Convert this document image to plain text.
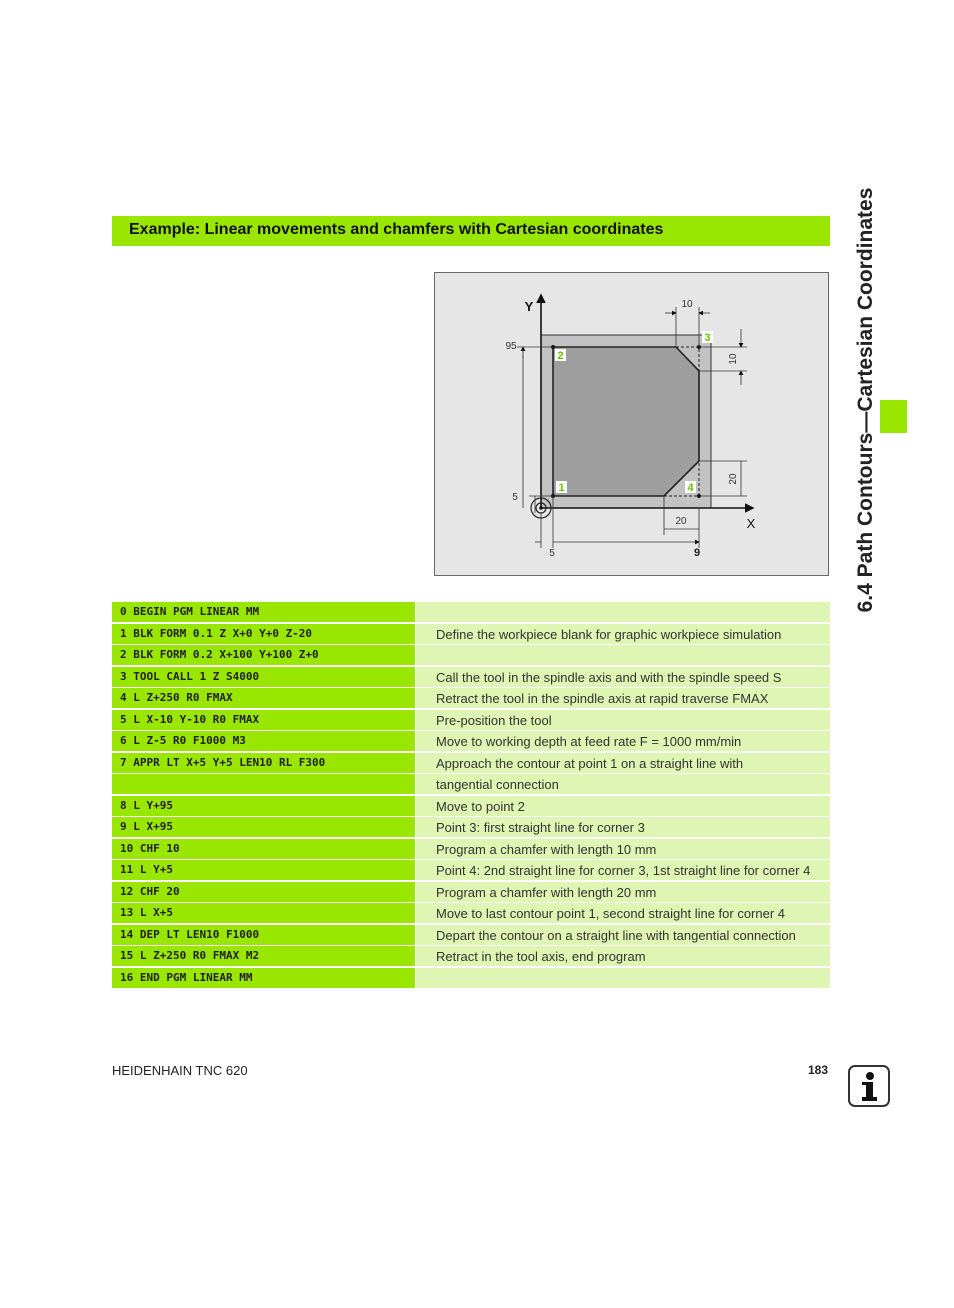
Example: Linear movements and chamfers with Cartesian coordinates	6.4 Path Contours—Cartesian Coordinates
10
10
20
20
5	9
95
5
Y
X
2
3
1	4
0 BEGIN PGM LINEAR MM
1 BLK FORM 0.1 Z X+0 Y+0 Z-20	Define the workpiece blank for graphic workpiece simulation
2 BLK FORM 0.2 X+100 Y+100 Z+0
3 TOOL CALL 1 Z S4000	Call the tool in the spindle axis and with the spindle speed S
4 L Z+250 R0 FMAX	Retract the tool in the spindle axis at rapid traverse FMAX
5 L X-10 Y-10 R0 FMAX	Pre-position the tool
6 L Z-5 R0 F1000 M3	Move to working depth at feed rate F = 1000 mm/min
7 APPR LT X+5 Y+5 LEN10 RL F300	Approach the contour at point 1 on a straight line with
tangential connection
8 L Y+95	Move to point 2
9 L X+95	Point 3: first straight line for corner 3
10 CHF 10	Program a chamfer with length 10 mm
11 L Y+5	Point 4: 2nd straight line for corner 3, 1st straight line for corner 4
12 CHF 20	Program a chamfer with length 20 mm
13 L X+5	Move to last contour point 1, second straight line for corner 4
14 DEP LT LEN10 F1000	Depart the contour on a straight line with tangential connection
15 L Z+250 R0 FMAX M2	Retract in the tool axis, end program
16 END PGM LINEAR MM
HEIDENHAIN TNC 620	183
